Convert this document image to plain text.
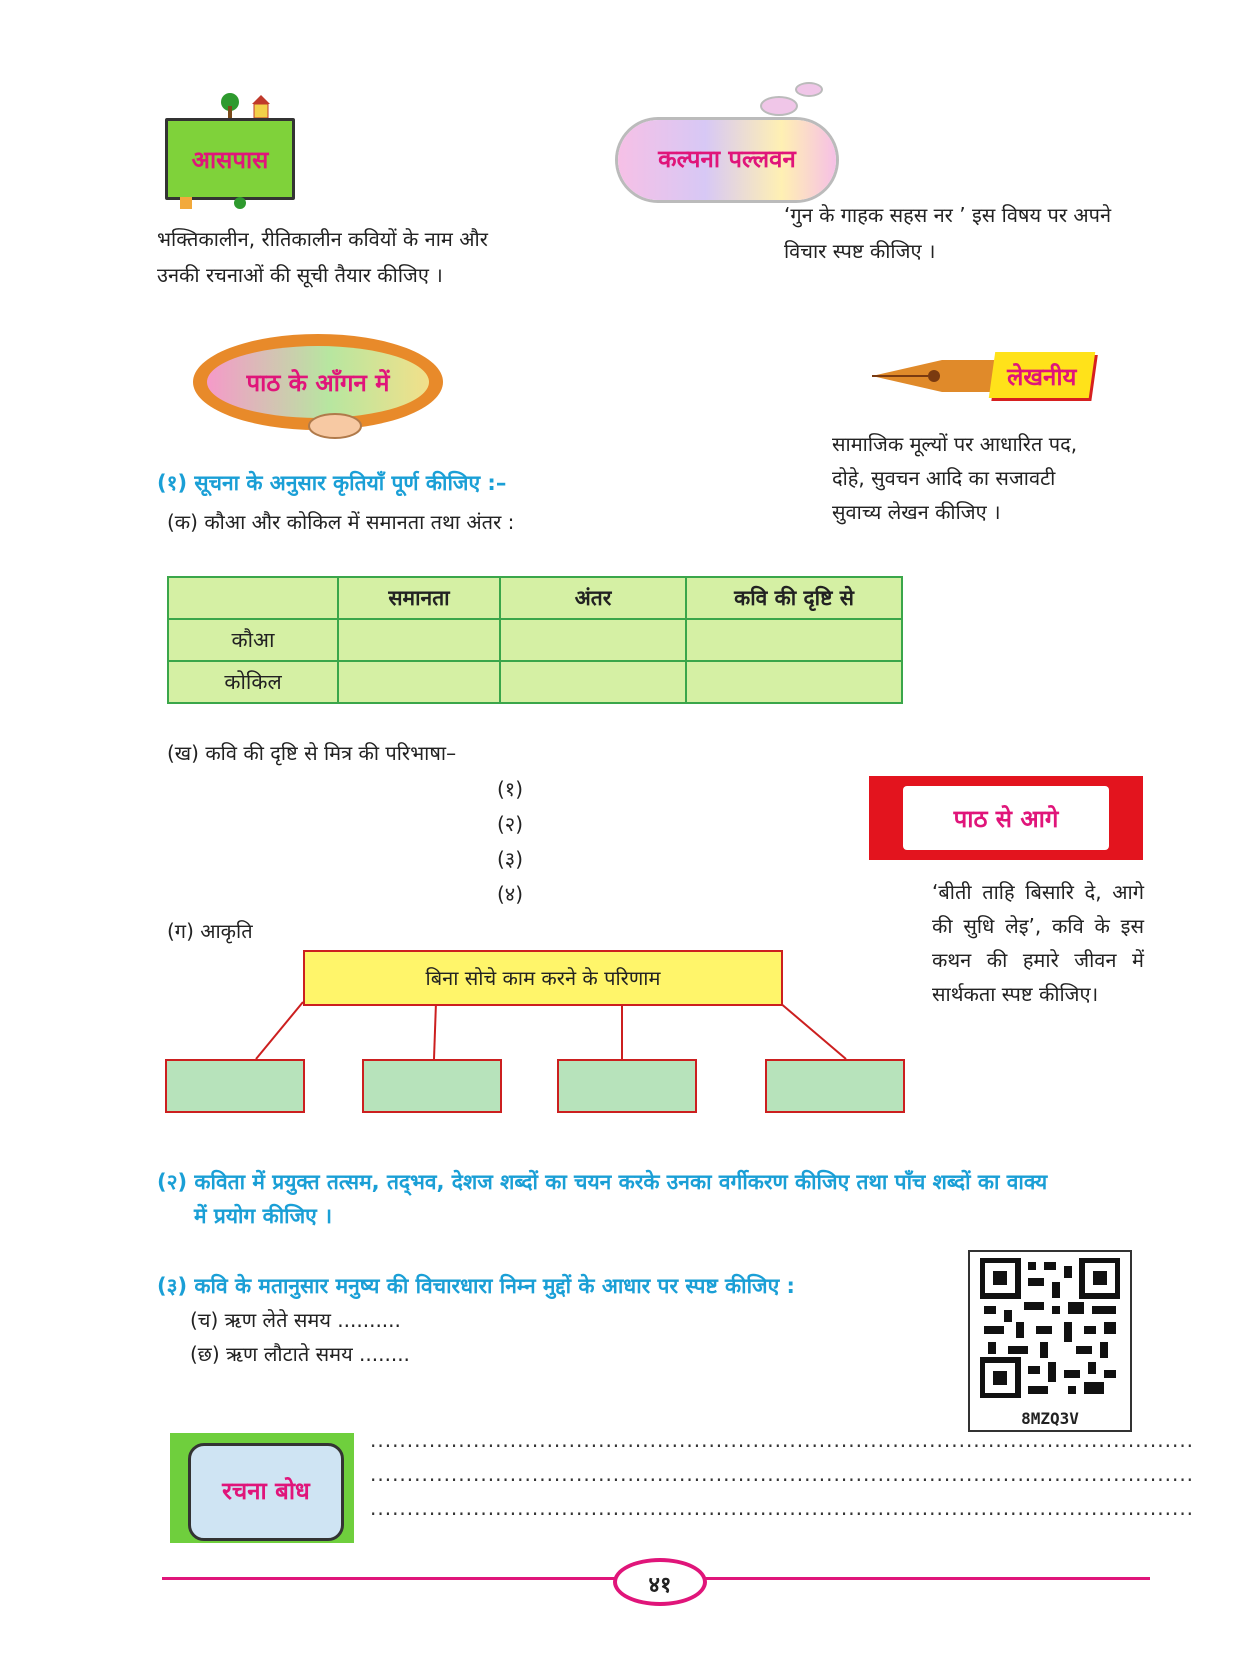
आसपास
भक्तिकालीन, रीतिकालीन कवियों के नाम और
उनकी रचनाओं की सूची तैयार कीजिए ।
कल्पना पल्लवन
‘गुन के गाहक सहस नर ’ इस विषय पर अपने
विचार स्पष्ट कीजिए ।
पाठ के आँगन में	लेखनीय
सामाजिक मूल्यों पर आधारित पद,
दोहे, सुवचन आदि का सजावटी
सुवाच्य लेखन कीजिए ।
(१) सूचना के अनुसार कृतियाँ पूर्ण कीजिए :–
(क) कौआ और कोकिल में समानता तथा अंतर :
	समानता	अंतर	कवि की दृष्टि से
कौआ			
कोकिल			
(ख) कवि की दृष्टि से मित्र की परिभाषा–
(१)
(२)
(३)
(४)
(ग) आकृति
बिना सोचे काम करने के परिणाम
पाठ से आगे
‘बीती ताहि बिसारि दे, आगे की सुधि लेइ’, कवि के इस कथन की हमारे जीवन में सार्थकता स्पष्ट कीजिए।
(२) कविता में प्रयुक्त तत्सम, तद्‌भव, देशज शब्दों का चयन करके उनका वर्गीकरण कीजिए तथा पाँच शब्दों का वाक्य
में प्रयोग कीजिए ।
(३) कवि के मतानुसार मनुष्य की विचारधारा निम्न मुद्दों के आधार पर स्पष्ट कीजिए :
(च) ऋण लेते समय ..........
(छ) ऋण लौटाते समय ........
8MZQ3V
रचना बोध
................................................................................................................
................................................................................................................
................................................................................................................
४१
